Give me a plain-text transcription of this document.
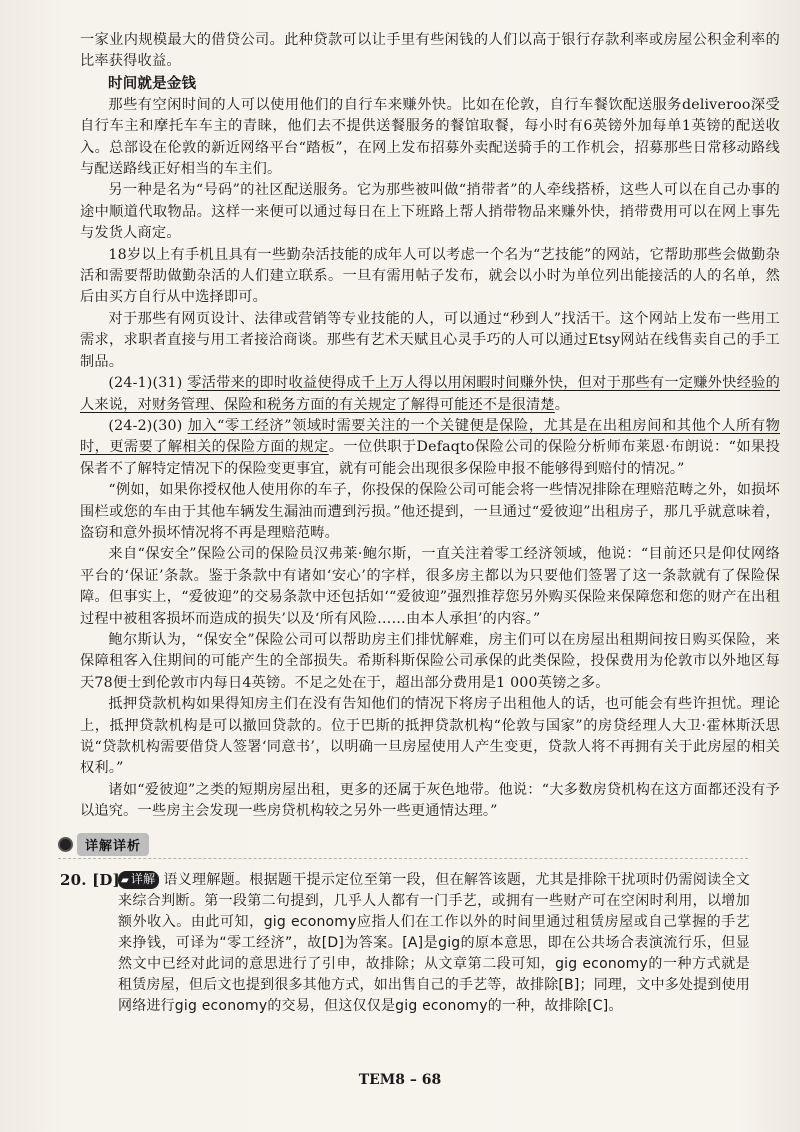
一家业内规模最大的借贷公司。此种贷款可以让手里有些闲钱的人们以高于银行存款利率或房屋公积金利率的比率获得收益。

时间就是金钱

那些有空闲时间的人可以使用他们的自行车来赚外快。比如在伦敦，自行车餐饮配送服务deliveroo深受自行车主和摩托车车主的青睐，他们去不提供送餐服务的餐馆取餐，每小时有6英镑外加每单1英镑的配送收入。总部设在伦敦的新近网络平台“踏板”，在网上发布招募外卖配送骑手的工作机会，招募那些日常移动路线与配送路线正好相当的车主们。

另一种是名为“号码”的社区配送服务。它为那些被叫做“捎带者”的人牵线搭桥，这些人可以在自己办事的途中顺道代取物品。这样一来便可以通过每日在上下班路上帮人捎带物品来赚外快，捎带费用可以在网上事先与发货人商定。

18岁以上有手机且具有一些勤杂活技能的成年人可以考虑一个名为“艺技能”的网站，它帮助那些会做勤杂活和需要帮助做勤杂活的人们建立联系。一旦有需用帖子发布，就会以小时为单位列出能接活的人的名单，然后由买方自行从中选择即可。

对于那些有网页设计、法律或营销等专业技能的人，可以通过“秒到人”找活干。这个网站上发布一些用工需求，求职者直接与用工者接洽商谈。那些有艺术天赋且心灵手巧的人可以通过Etsy网站在线售卖自己的手工制品。

(24-1)(31) 零活带来的即时收益使得成千上万人得以用闲暇时间赚外快，但对于那些有一定赚外快经验的人来说，对财务管理、保险和税务方面的有关规定了解得可能还不是很清楚。

(24-2)(30) 加入“零工经济”领域时需要关注的一个关键便是保险，尤其是在出租房间和其他个人所有物时，更需要了解相关的保险方面的规定。一位供职于Defaqto保险公司的保险分析师布莱恩·布朗说：“如果投保者不了解特定情况下的保险变更事宜，就有可能会出现很多保险申报不能够得到赔付的情况。”

“例如，如果你授权他人使用你的车子，你投保的保险公司可能会将一些情况排除在理赔范畴之外，如损坏围栏或您的车由于其他车辆发生漏油而遭到污损。”他还提到，一旦通过“爱彼迎”出租房子，那几乎就意味着，盗窃和意外损坏情况将不再是理赔范畴。

来自“保安全”保险公司的保险员汉弗莱·鲍尔斯，一直关注着零工经济领域，他说：“目前还只是仰仗网络平台的‘保证’条款。鉴于条款中有诸如‘安心’的字样，很多房主都以为只要他们签署了这一条款就有了保险保障。但事实上，“爱彼迎”的交易条款中还包括如‘“爱彼迎”强烈推荐您另外购买保险来保障您和您的财产在出租过程中被租客损坏而造成的损失’以及‘所有风险……由本人承担’的内容。”

鲍尔斯认为，“保安全”保险公司可以帮助房主们排忧解难，房主们可以在房屋出租期间按日购买保险，来保障租客入住期间的可能产生的全部损失。希斯科斯保险公司承保的此类保险，投保费用为伦敦市以外地区每天78便士到伦敦市内每日4英镑。不足之处在于，超出部分费用是1 000英镑之多。

抵押贷款机构如果得知房主们在没有告知他们的情况下将房子出租他人的话，也可能会有些许担忧。理论上，抵押贷款机构是可以撤回贷款的。位于巴斯的抵押贷款机构“伦敦与国家”的房贷经理人大卫·霍林斯沃思说“贷款机构需要借贷人签署‘同意书’，以明确一旦房屋使用人产生变更，贷款人将不再拥有关于此房屋的相关权利。”

诸如“爱彼迎”之类的短期房屋出租，更多的还属于灰色地带。他说：“大多数房贷机构在这方面都还没有予以追究。一些房主会发现一些房贷机构较之另外一些更通情达理。”

详解详析
20. [D] ▰ 详解 语义理解题。根据题干提示定位至第一段，但在解答该题，尤其是排除干扰项时仍需阅读全文来综合判断。第一段第二句提到，几乎人人都有一门手艺，或拥有一些财产可在空闲时利用，以增加额外收入。由此可知，gig economy应指人们在工作以外的时间里通过租赁房屋或自己掌握的手艺来挣钱，可译为“零工经济”，故[D]为答案。[A]是gig的原本意思，即在公共场合表演流行乐，但显然文中已经对此词的意思进行了引申，故排除；从文章第二段可知，gig economy的一种方式就是租赁房屋，但后文也提到很多其他方式，如出售自己的手艺等，故排除[B]；同理，文中多处提到使用网络进行gig economy的交易，但这仅仅是gig economy的一种，故排除[C]。
TEM8 – 68
